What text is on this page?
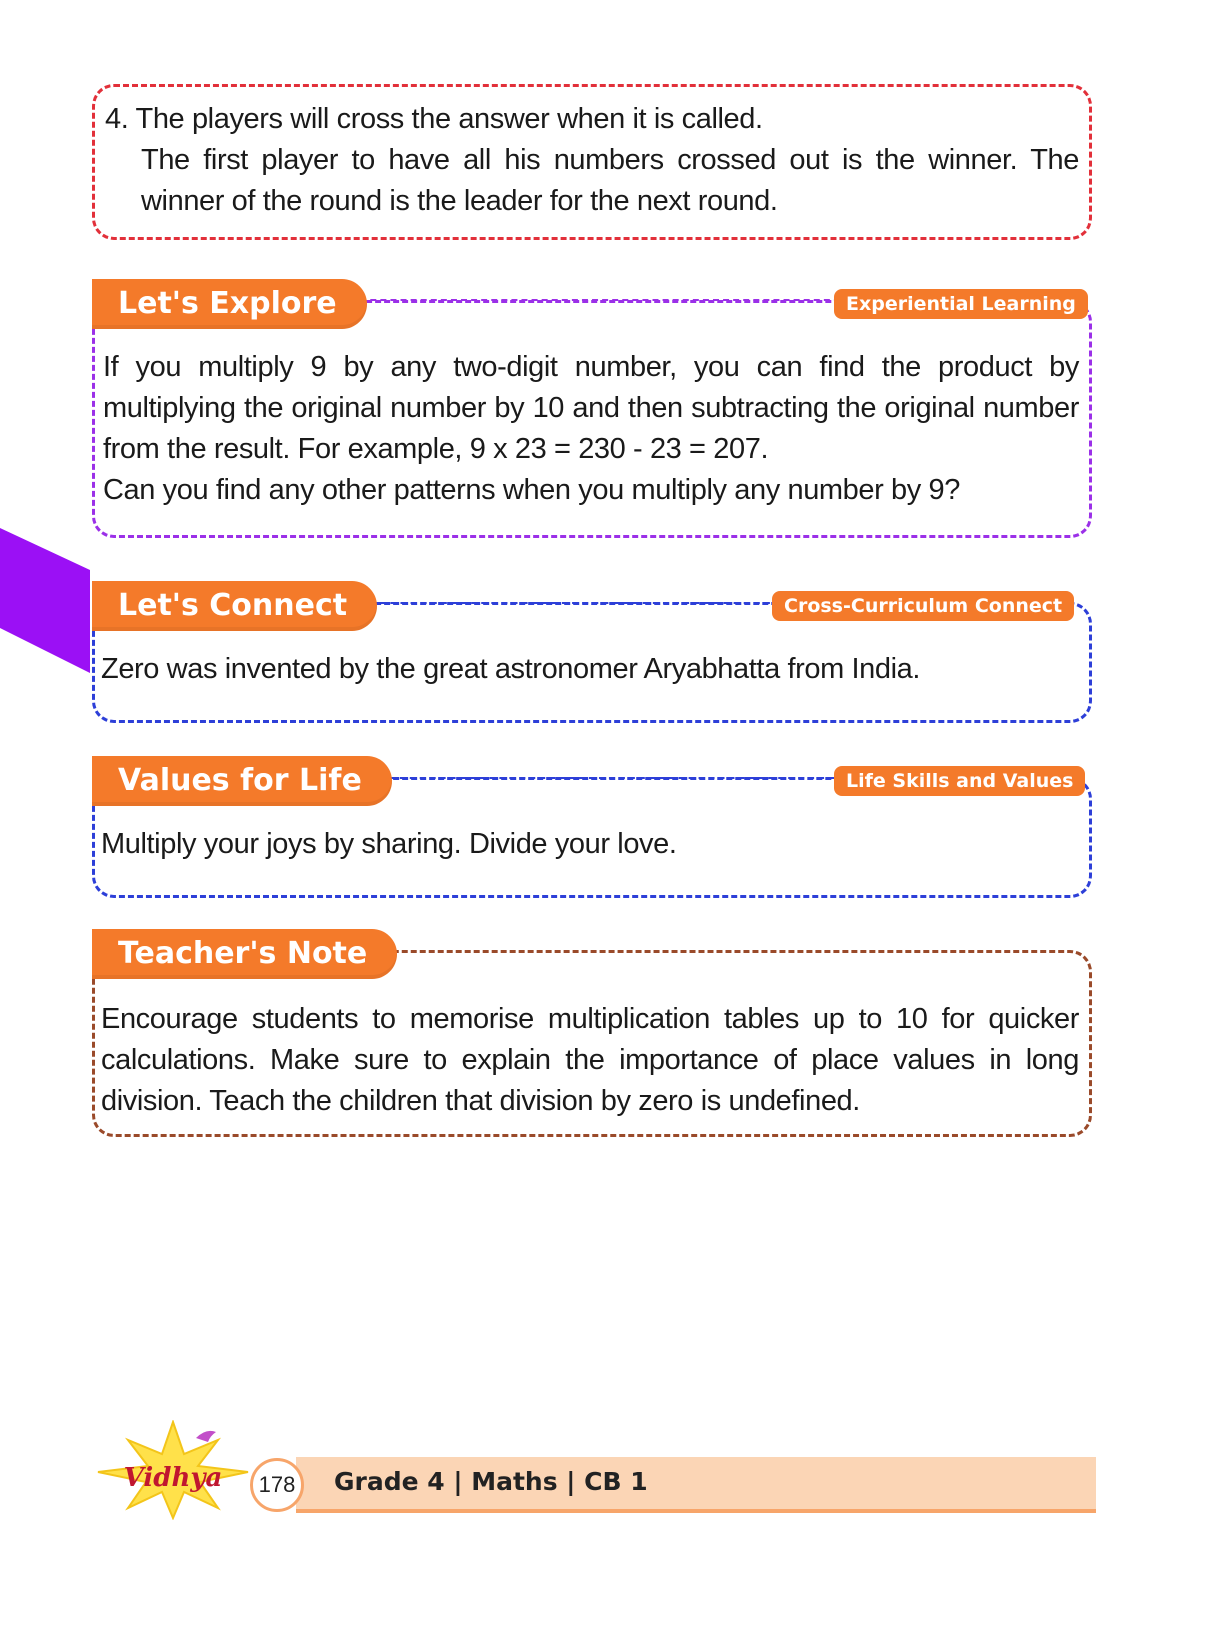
4. The players will cross the answer when it is called.

The first player to have all his numbers crossed out is the winner. The winner of the round is the leader for the next round.

If you multiply 9 by any two-digit number, you can find the product by multiplying the original number by 10 and then subtracting the original number from the result. For example, 9 x 23 = 230 - 23 = 207.

Can you find any other patterns when you multiply any number by 9?

Let's Explore	Experiential Learning

Zero was invented by the great astronomer Aryabhatta from India.

Let's Connect	Cross-Curriculum Connect

Multiply your joys by sharing. Divide your love.

Values for Life	Life Skills and Values

Encourage students to memorise multiplication tables up to 10 for quicker calculations. Make sure to explain the importance of place values in long division. Teach the children that division by zero is undefined.

Teacher's Note
Vidhya	178	Grade 4 | Maths | CB 1
